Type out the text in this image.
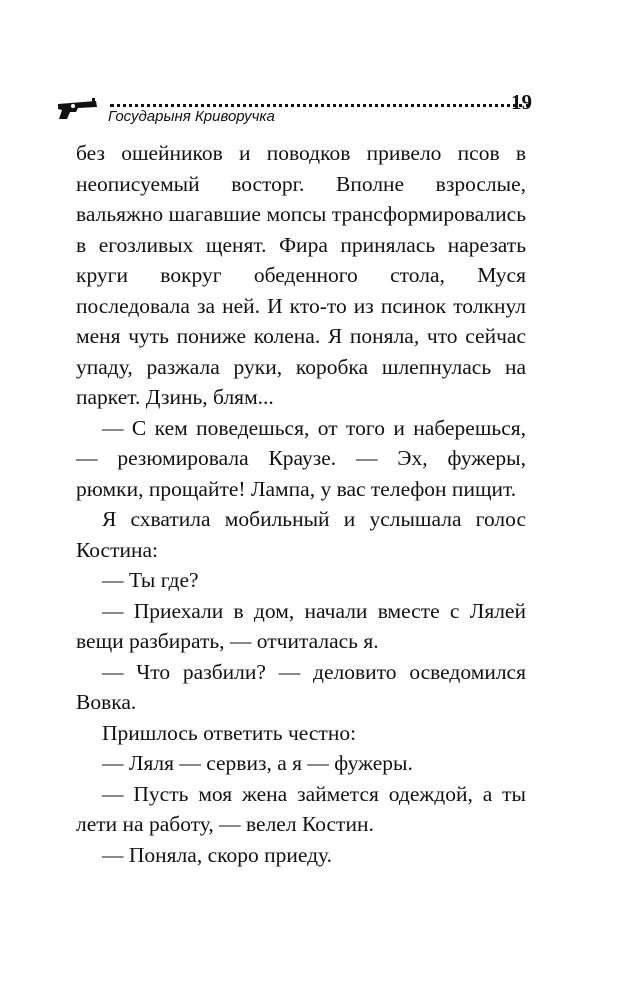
19
Государыня Криворучка

без ошейников и поводков привело псов в неописуемый восторг. Вполне взрослые, вальяжно шагавшие мопсы трансформировались в егозливых щенят. Фира принялась нарезать круги вокруг обеденного стола, Муся последовала за ней. И кто-то из псинок толкнул меня чуть пониже колена. Я поняла, что сейчас упаду, разжала руки, коробка шлепнулась на паркет. Дзинь, блям...

— С кем поведешься, от того и наберешься, — резюмировала Краузе. — Эх, фужеры, рюмки, прощайте! Лампа, у вас телефон пищит.

Я схватила мобильный и услышала голос Костина:

— Ты где?

— Приехали в дом, начали вместе с Лялей вещи разбирать, — отчиталась я.

— Что разбили? — деловито осведомился Вовка.

Пришлось ответить честно:

— Ляля — сервиз, а я — фужеры.

— Пусть моя жена займется одеждой, а ты лети на работу, — велел Костин.

— Поняла, скоро приеду.
